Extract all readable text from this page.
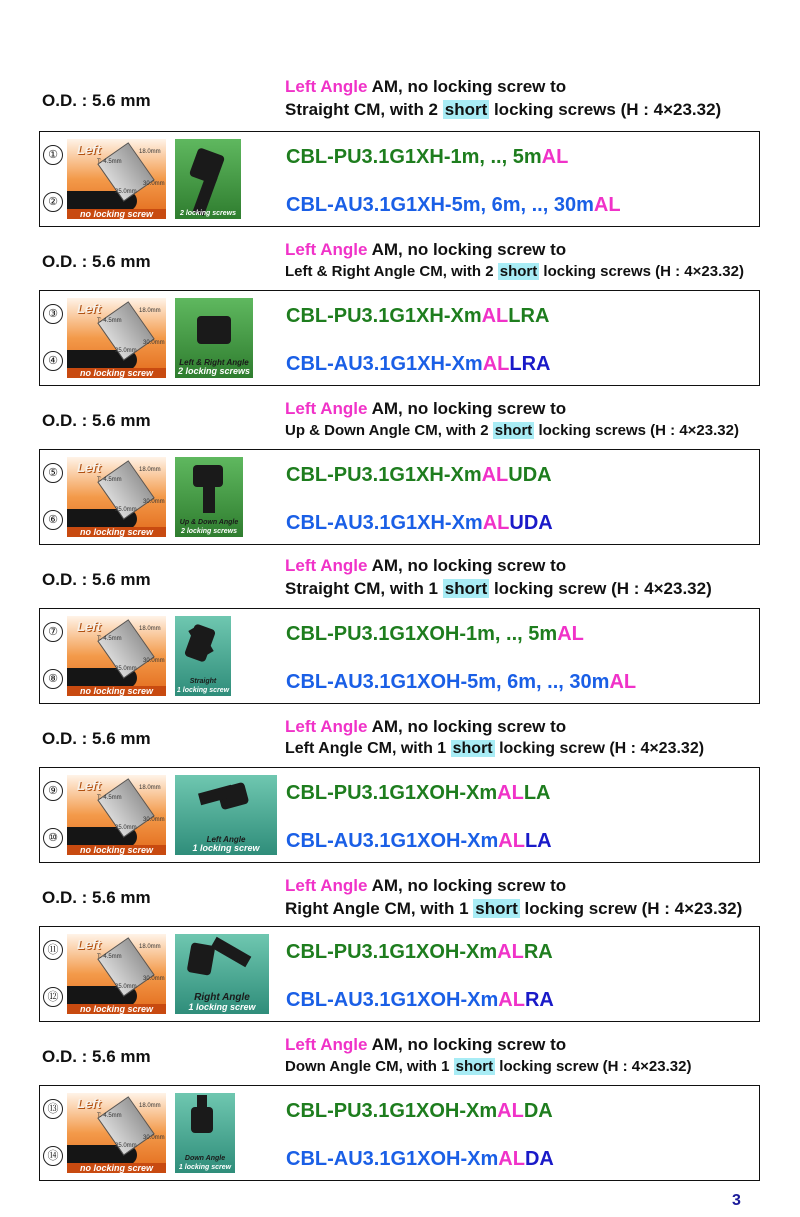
O.D. : 5.6 mm
Left Angle AM, no locking screw to
Straight CM, with 2 short locking screws (H : 4×23.32)
①
②
Left	18.0mm
T: 4.5mm
25.0mm
30.0mm
no locking screw	2 locking screws
CBL-PU3.1G1XH-1m, .., 5mAL
CBL-AU3.1G1XH-5m, 6m, .., 30mAL
O.D. : 5.6 mm
Left Angle AM, no locking screw to
Left & Right Angle CM, with 2 short locking screws (H : 4×23.32)
③
④
Left	18.0mm
T: 4.5mm
25.0mm
30.0mm
no locking screw
Left & Right Angle
2 locking screws
CBL-PU3.1G1XH-XmALLRA
CBL-AU3.1G1XH-XmALLRA
O.D. : 5.6 mm
Left Angle AM, no locking screw to
Up & Down Angle CM, with 2 short locking screws (H : 4×23.32)
⑤
⑥
Left	18.0mm
T: 4.5mm
25.0mm
30.0mm
no locking screw
Up & Down Angle
2 locking screws
CBL-PU3.1G1XH-XmALUDA
CBL-AU3.1G1XH-XmALUDA
O.D. : 5.6 mm
Left Angle AM, no locking screw to
Straight CM, with 1 short locking screw (H : 4×23.32)
⑦
⑧
Left	18.0mm
T: 4.5mm
25.0mm
30.0mm
no locking screw
Straight
1 locking screw
CBL-PU3.1G1XOH-1m, .., 5mAL
CBL-AU3.1G1XOH-5m, 6m, .., 30mAL
O.D. : 5.6 mm
Left Angle AM, no locking screw to
Left Angle CM, with 1 short locking screw (H : 4×23.32)
⑨
⑩
Left	18.0mm
T: 4.5mm
25.0mm
30.0mm
no locking screw
Left Angle
1 locking screw
CBL-PU3.1G1XOH-XmALLA
CBL-AU3.1G1XOH-XmALLA
O.D. : 5.6 mm
Left Angle AM, no locking screw to
Right Angle CM, with 1 short locking screw (H : 4×23.32)
⑪
⑫
Left	18.0mm
T: 4.5mm
25.0mm
30.0mm
no locking screw
Right Angle
1 locking screw
CBL-PU3.1G1XOH-XmALRA
CBL-AU3.1G1XOH-XmALRA
O.D. : 5.6 mm
Left Angle AM, no locking screw to
Down Angle CM, with 1 short locking screw (H : 4×23.32)
⑬
⑭
Left	18.0mm
T: 4.5mm
25.0mm
30.0mm
no locking screw
Down Angle
1 locking screw
CBL-PU3.1G1XOH-XmALDA
CBL-AU3.1G1XOH-XmALDA
3
